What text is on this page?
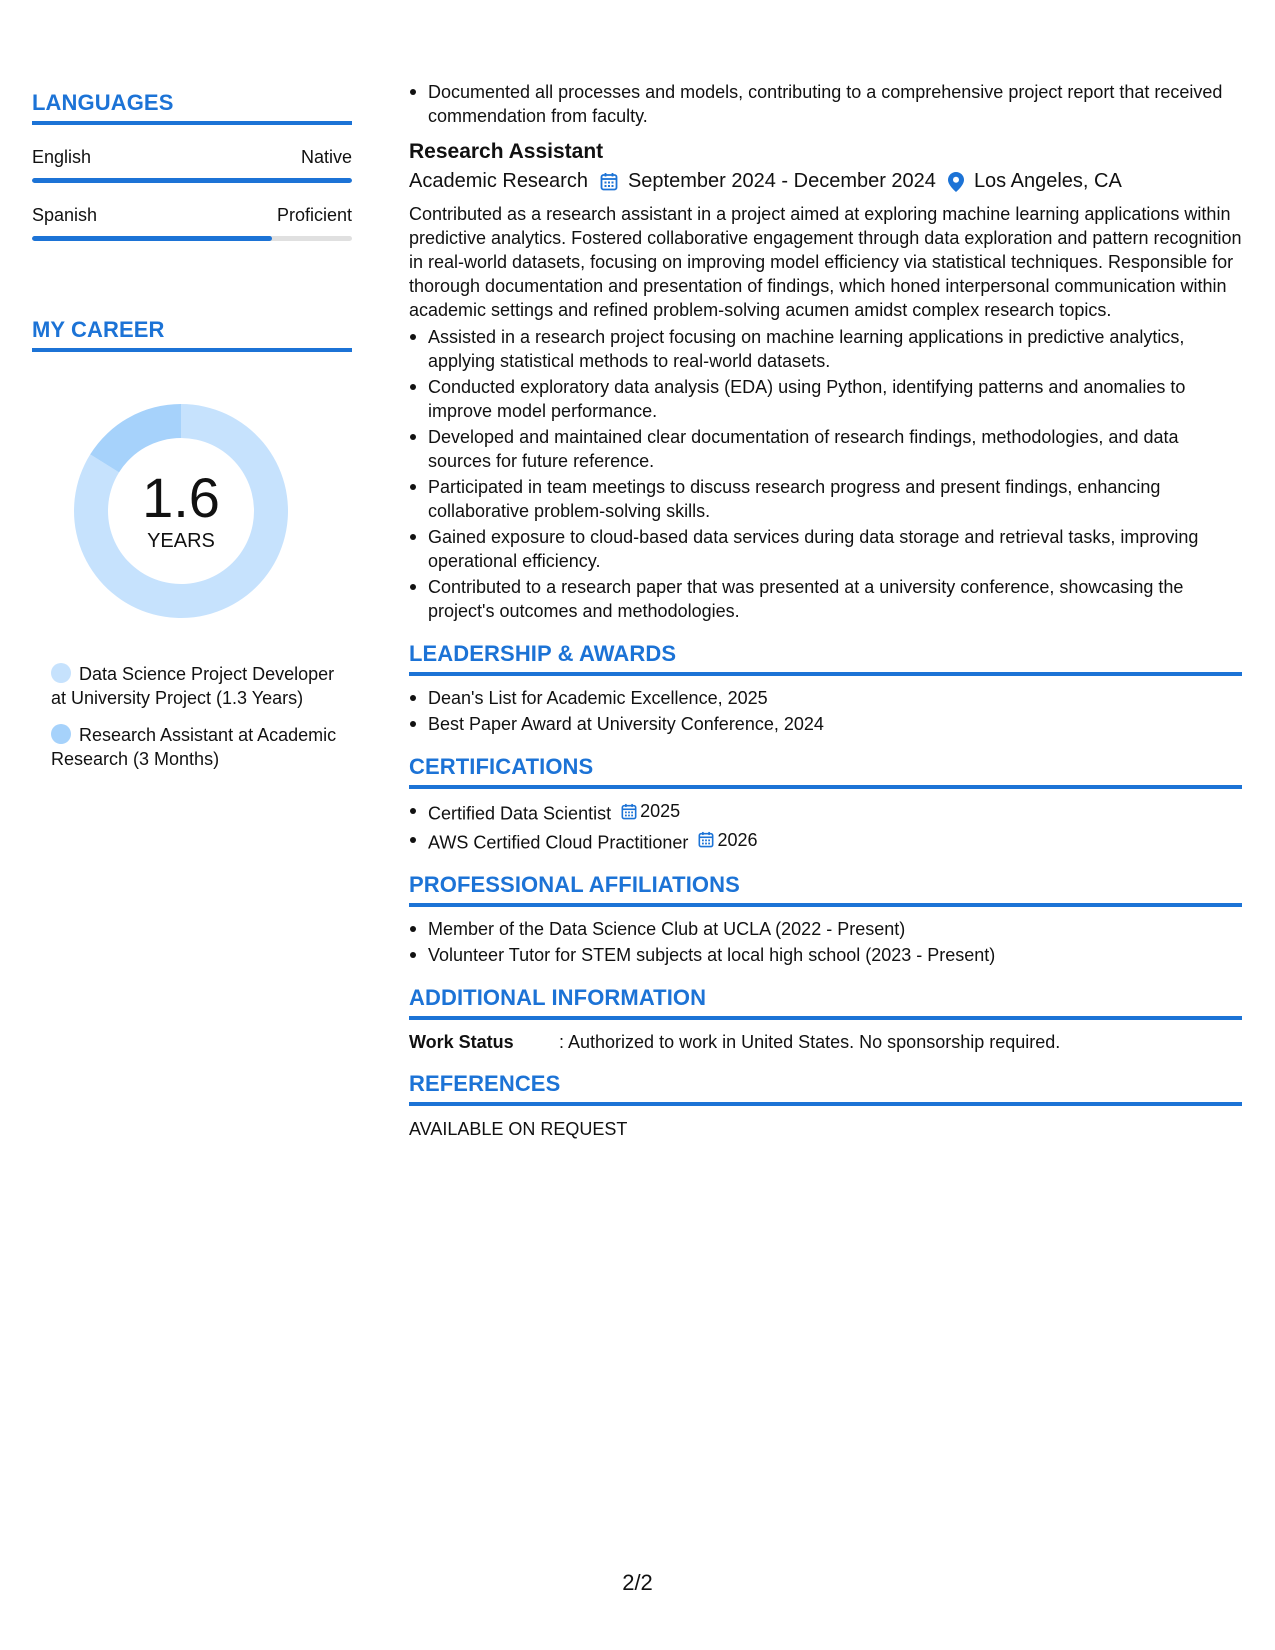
LANGUAGES
English	Native
Spanish	Proficient
MY CAREER
1.6
YEARS
Data Science Project Developer at University Project (1.3 Years)
Research Assistant at Academic Research (3 Months)
Documented all processes and models, contributing to a comprehensive project report that received commendation from faculty.
Research Assistant
Academic Research September 2024 - December 2024 Los Angeles, CA

Contributed as a research assistant in a project aimed at exploring machine learning applications within predictive analytics. Fostered collaborative engagement through data exploration and pattern recognition in real-world datasets, focusing on improving model efficiency via statistical techniques. Responsible for thorough documentation and presentation of findings, which honed interpersonal communication within academic settings and refined problem-solving acumen amidst complex research topics.

Assisted in a research project focusing on machine learning applications in predictive analytics, applying statistical methods to real-world datasets.
Conducted exploratory data analysis (EDA) using Python, identifying patterns and anomalies to improve model performance.
Developed and maintained clear documentation of research findings, methodologies, and data sources for future reference.
Participated in team meetings to discuss research progress and present findings, enhancing collaborative problem-solving skills.
Gained exposure to cloud-based data services during data storage and retrieval tasks, improving operational efficiency.
Contributed to a research paper that was presented at a university conference, showcasing the project's outcomes and methodologies.
LEADERSHIP & AWARDS
Dean's List for Academic Excellence, 2025
Best Paper Award at University Conference, 2024
CERTIFICATIONS
Certified Data Scientist 2025
AWS Certified Cloud Practitioner 2026
PROFESSIONAL AFFILIATIONS
Member of the Data Science Club at UCLA (2022 - Present)
Volunteer Tutor for STEM subjects at local high school (2023 - Present)
ADDITIONAL INFORMATION
Work Status	: Authorized to work in United States. No sponsorship required.
REFERENCES
AVAILABLE ON REQUEST
2/2
